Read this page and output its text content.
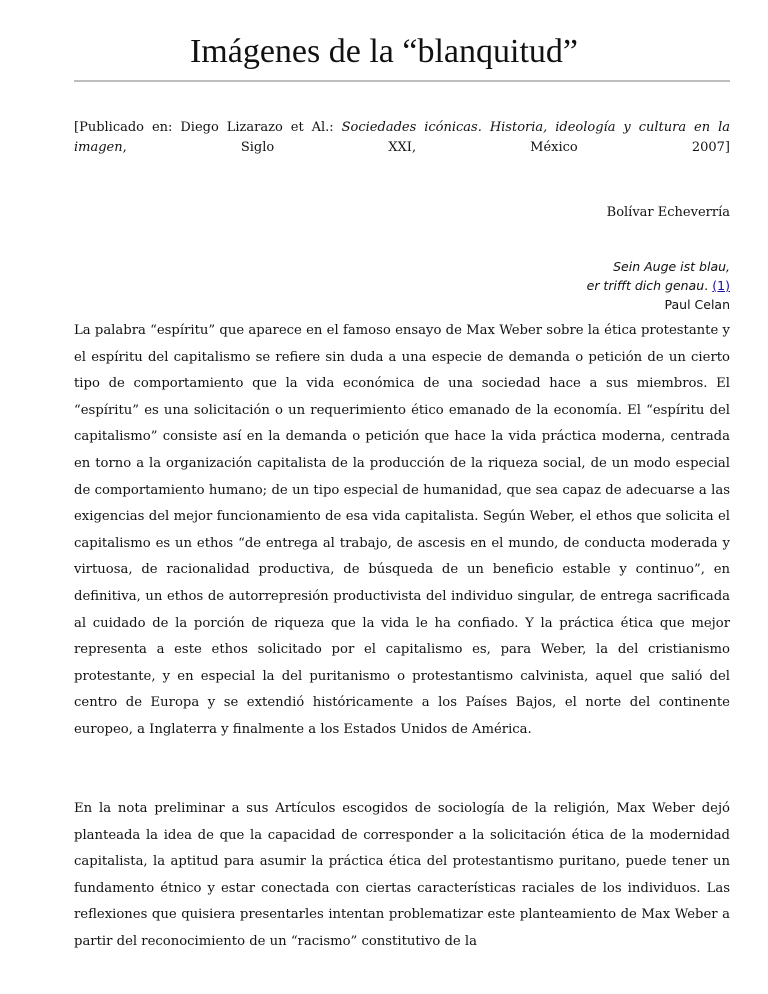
Imágenes de la “blanquitud”
[Publicado en: Diego Lizarazo et Al.: Sociedades icónicas. Historia, ideología y cultura en la
imagen,	Siglo	XXI,	México	2007]
Bolívar Echeverría
Sein Auge ist blau,
er trifft dich genau. (1)
Paul Celan

La palabra “espíritu” que aparece en el famoso ensayo de Max Weber sobre la ética protestante y el espíritu del capitalismo se refiere sin duda a una especie de demanda o petición de un cierto tipo de comportamiento que la vida económica de una sociedad hace a sus miembros. El “espíritu” es una solicitación o un requerimiento ético emanado de la economía. El “espíritu del capitalismo” consiste así en la demanda o petición que hace la vida práctica moderna, centrada en torno a la organización capitalista de la producción de la riqueza social, de un modo especial de comportamiento humano; de un tipo especial de humanidad, que sea capaz de adecuarse a las exigencias del mejor funcionamiento de esa vida capitalista. Según Weber, el ethos que solicita el capitalismo es un ethos “de entrega al trabajo, de ascesis en el mundo, de conducta moderada y virtuosa, de racionalidad productiva, de búsqueda de un beneficio estable y continuo”, en definitiva, un ethos de autorrepresión productivista del individuo singular, de entrega sacrificada al cuidado de la porción de riqueza que la vida le ha confiado. Y la práctica ética que mejor representa a este ethos solicitado por el capitalismo es, para Weber, la del cristianismo protestante, y en especial la del puritanismo o protestantismo calvinista, aquel que salió del centro de Europa y se extendió históricamente a los Países Bajos, el norte del continente europeo, a Inglaterra y finalmente a los Estados Unidos de América.

En la nota preliminar a sus Artículos escogidos de sociología de la religión, Max Weber dejó planteada la idea de que la capacidad de corresponder a la solicitación ética de la modernidad capitalista, la aptitud para asumir la práctica ética del protestantismo puritano, puede tener un fundamento étnico y estar conectada con ciertas características raciales de los individuos. Las reflexiones que quisiera presentarles intentan problematizar este planteamiento de Max Weber a partir del reconocimiento de un “racismo” constitutivo de la
